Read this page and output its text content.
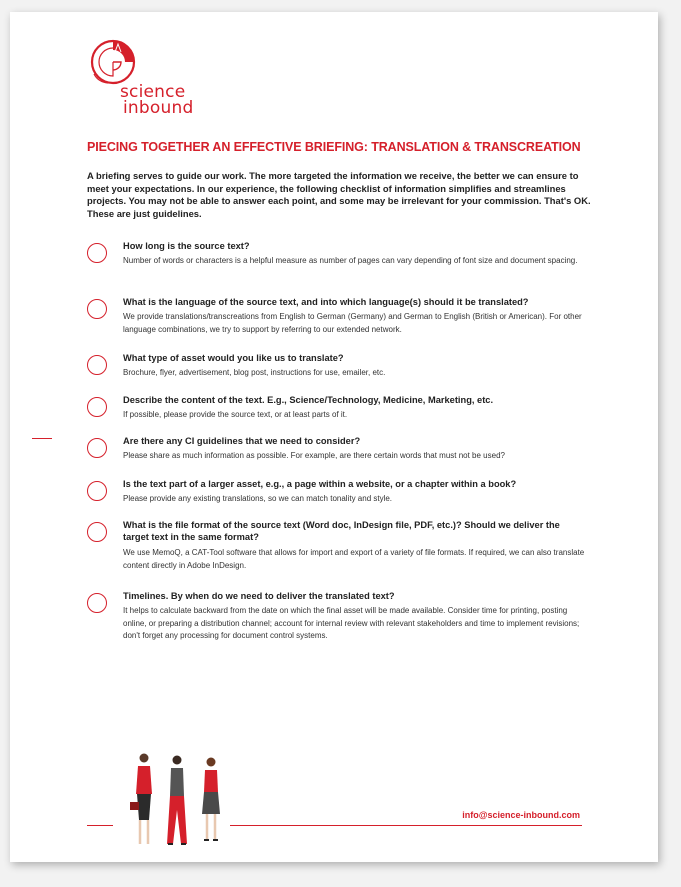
science
inbound
PIECING TOGETHER AN EFFECTIVE BRIEFING: TRANSLATION & TRANSCREATION
A briefing serves to guide our work. The more targeted the information we receive, the better we can ensure to meet your expectations. In our experience, the following checklist of information simplifies and streamlines projects. You may not be able to answer each point, and some may be irrelevant for your commission. That's OK. These are just guidelines.
How long is the source text?
Number of words or characters is a helpful measure as number of pages can vary depending of font size and document spacing.
What is the language of the source text, and into which language(s) should it be translated?
We provide translations/transcreations from English to German (Germany) and German to English (British or American). For other language combinations, we try to support by referring to our extended network.
What type of asset would you like us to translate?
Brochure, flyer, advertisement, blog post, instructions for use, emailer, etc.
Describe the content of the text. E.g., Science/Technology, Medicine, Marketing, etc.
If possible, please provide the source text, or at least parts of it.
Are there any CI guidelines that we need to consider?
Please share as much information as possible. For example, are there certain words that must not be used?
Is the text part of a larger asset, e.g., a page within a website, or a chapter within a book?
Please provide any existing translations, so we can match tonality and style.
What is the file format of the source text (Word doc, InDesign file, PDF, etc.)? Should we deliver the target text in the same format?
We use MemoQ, a CAT-Tool software that allows for import and export of a variety of file formats. If required, we can also translate content directly in Adobe InDesign.
Timelines. By when do we need to deliver the translated text?
It helps to calculate backward from the date on which the final asset will be made available. Consider time for printing, posting online, or preparing a distribution channel; account for internal review with relevant stakeholders and time to implement revisions; don't forget any processing for document control systems.
info@science-inbound.com
